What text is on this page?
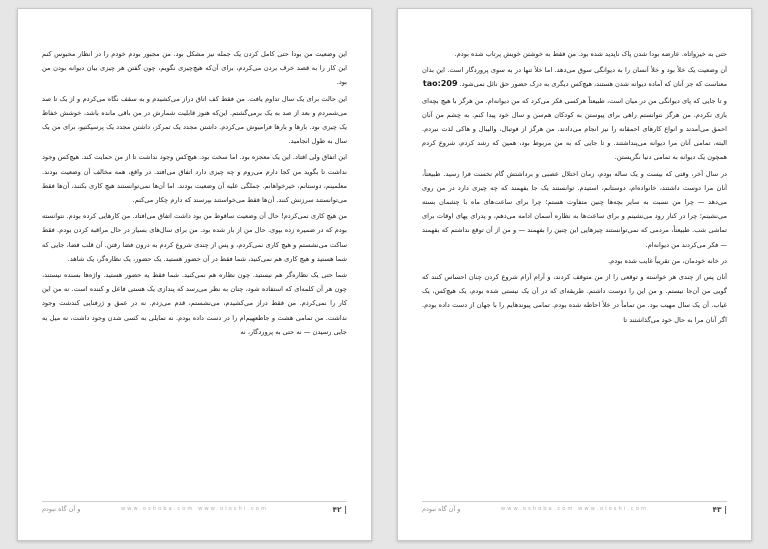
این وضعیت من بودا حتی کامل کردن یک جمله نیز مشکل بود. من مجبور بودم خودم را در انظار محبوس کنم این کار را به قصد خرف بردن می‌کردم، برای آن‌که هیچ‌چیزی نگویم، چون گفتن هر چیزی بیان دیوانه بودن من بود.

این حالت برای یک سال تداوم یافت. من فقط کف اتاق دراز می‌کشیدم و به سقف نگاه می‌کردم و از یک تا صد می‌شمردم و بعد از صد به یک برمی‌گشتم. این‌که هنوز قابلیت شمارش در من باقی مانده باشد، خوشش خفاظ یک چیزی بود. بارها و بارها فرامیوش می‌کردم. داشتن مجدد یک تمرکز، داشتن مجدد یک پرسپکتیو، برای من یک سال به طول انجامید.

این اتفاق ولی افتاد. این یک معجزه بود. اما سخت بود. هیچ‌کس وجود نداشت تا از من حمایت کند. هیچ‌کس وجود نداشت تا بگوید من کجا دارم می‌روم و چه چیزی دارد اتفاق می‌افتد. در واقع، همه مخالف آن وضعیت بودند. معلمینم، دوستانم، خیرخواهانم. جملگی علیه آن وضعیت بودند. اما آن‌ها نمی‌توانستند هیچ کاری بکنند، آن‌ها فقط می‌توانستند سرزنش کنند. آن‌ها فقط می‌خواستند بپرسند که دارم چکار می‌کنم.

من هیچ کاری نمی‌کردم! حال آن وضعیت ساقوط من بود داشت اتفاق می‌افتاد. من کارهایی کرده بودم. نتوانسته بودم که در ضمیره زده بپوی. حال من از بار شده بود. من برای سال‌های بسیار در حال مراقبه کردن بودم. فقط ساکت می‌نشستم و هیچ کاری نمی‌کردم، و پس از چندی شروع کردم به درون فضا رفتن. آن قلب فضا، جایی که شما هستید و هیچ کاری هم نمی‌کنید، شما فقط در آن حضور هستید. یک حضور، یک نظاره‌گر، یک شاهد.

شما حتی یک نظاره‌گر هم نیستید. چون نظاره هم نمی‌کنید. شما فقط یه حضور هستید. واژه‌ها بسنده نیستند، چون هر آن کلمه‌ای که استفاده شود، چنان به نظر می‌رسد که پندازی یک هستی فاعل و کننده است. نه من این کار را نمی‌کردم. من فقط دراز می‌کشیدم، می‌نشستم، قدم می‌زدم. نه در عمق و ژرفنایی کندشت وجود نداشت. من تمامی هشت و جاطعهیم‌ام را در دست داده بودم. نه تمایلی به کسی شدن وجود داشت، نه میل به جایی رسیدن — نه حتی به پروردگار، نه

| ۴۲
www.oshoba.com www.oloshi.com
و آن گاه نبودم

حتی به خیرواتاه. عارضه بودا شدن پاک ناپدید شده بود. من فقط به خوشتن خویش پرتاب شده بودم.

آن وضعیت یک خلأ بود و خلأ آنسان را به دیوانگی سوق می‌دهد. اما خلأ تنها در به سوی پروردگار است. این بدان معناست که جز آنان که آماده دیوانه شدن هستند، هیچ‌کس دیگری به درک حضور حق نائل نمی‌شود. tao:209

و تا جایی که پای دیوانگی من در میان است، طبیعتاً هرکسی فکر می‌کرد که من دیوانه‌ام. من هرگز با هیچ بچه‌ای بازی نکردم. من هرگز نتوانستم راهی برای پیوستن به کودکان هم‌سن و سال خود پیدا کنم. به چشم من آنان احمق می‌آمدند و انواع کارهای احمقانه را نیز انجام می‌دادند. من هرگز از فوتبال، والیبال و هاکی لذت نبردم. البته، تمامی آنان مرا دیوانه می‌پنداشتند. و تا جایی که به من مربوط بود، همین که رشد کردم، شروع کردم همچون یک دیوانه به تمامی دنیا نگریستن.

در سال آخر، وقتی که بیست و یک ساله بودم، زمان اختلال عصبی و برداشتش گام نخست فرا رسید. طبیعتاً، آنان مرا دوست داشتند، خانواده‌ام، دوستانم، استیدم. توانستند یک جا بفهمند که چه چیزی دارد در من روی می‌دهد — چرا من نسبت به سایر بچه‌ها چنین متفاوت هستم؛ چرا برای ساعت‌های ماه با چشمان بسته می‌نشینم؛ چرا در کنار رود می‌نشینم و برای ساعت‌ها به نظاره آسمان ادامه می‌دهم، و پدرای پهای اوقات برای تماشی شب. طبیعتاً، مردمی که نمی‌توانستند چیزهایی این چنین را بفهمند — و من از آن توقع نداشتم که بفهمند — فکر می‌کردند من دیوانه‌ام.

در خانه خودمان، من تقریباً غایب شده بودم.

آنان پس از چندی هر خواسته و توقعی را از من متوقف کردند، و آرام آرام شروع کردن چنان احساس کنند که گویی من آن‌جا نیستم. و من این را دوست داشتم. طریقه‌ای که در آن یک نیستی شده بودم، یک هیچ‌کس، یک غیاب. آن یک سال مهیب بود. من تماماً در خلأ احاطه شده بودم. تمامی پیوندهایم را با جهان از دست داده بودم. اگر آنان مرا به حال خود می‌گذاشتند تا

| ۴۳
www.oshoba.com www.oloshi.com
و آن گاه نبودم
